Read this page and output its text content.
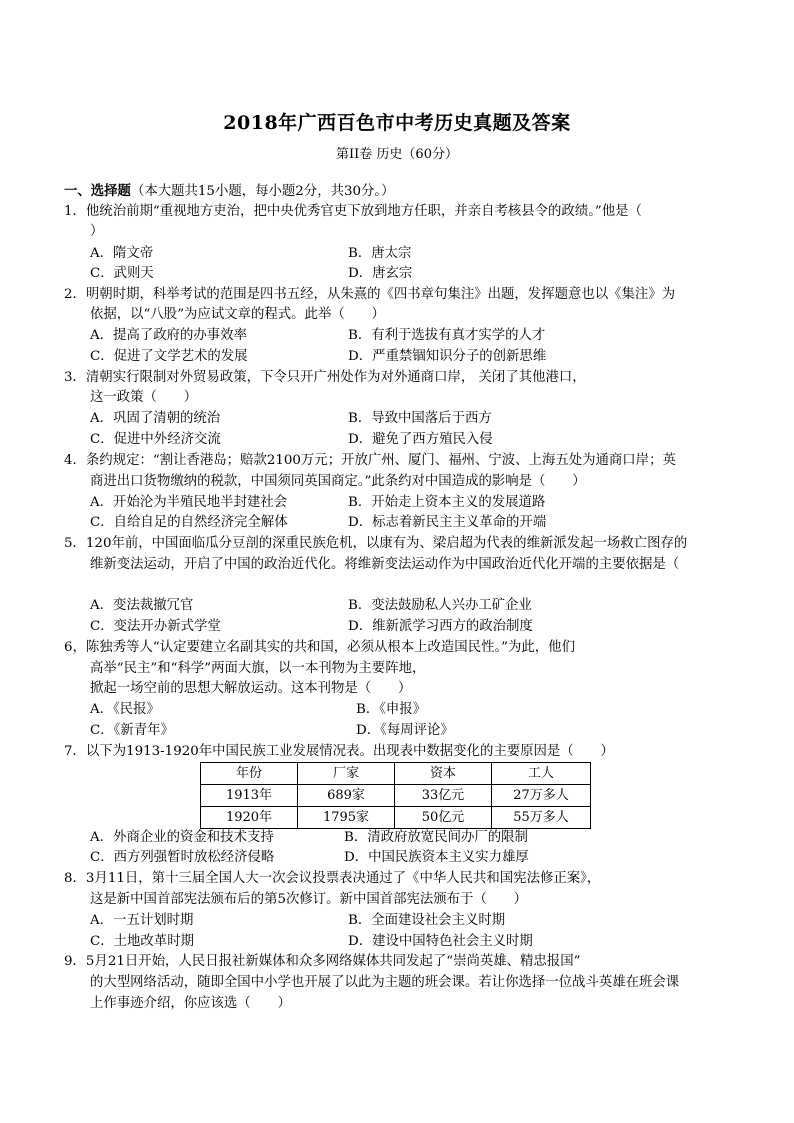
2018年广西百色市中考历史真题及答案
第II卷 历史（60分）
一、选择题（本大题共15小题，每小题2分，共30分。）
1．他统治前期“重视地方吏治，把中央优秀官吏下放到地方任职，并亲自考核县令的政绩。”他是（
）
A．隋文帝	B．唐太宗
C．武则天	D．唐玄宗
2．明朝时期，科举考试的范围是四书五经，从朱熹的《四书章句集注》出题，发挥题意也以《集注》为
依据，以“八股”为应试文章的程式。此举（　　）
A．提高了政府的办事效率	B．有利于选拔有真才实学的人才
C．促进了文学艺术的发展	D．严重禁锢知识分子的创新思维
3．清朝实行限制对外贸易政策，下令只开广州处作为对外通商口岸， 关闭了其他港口，
这一政策（　　）
A．巩固了清朝的统治	B．导致中国落后于西方
C．促进中外经济交流	D．避免了西方殖民入侵
4．条约规定：“割让香港岛；赔款2100万元；开放广州、厦门、福州、宁波、上海五处为通商口岸；英
商进出口货物缴纳的税款，中国须同英国商定。”此条约对中国造成的影响是（　　）
A．开始沦为半殖民地半封建社会	B．开始走上资本主义的发展道路
C．自给自足的自然经济完全解体	D．标志着新民主主义革命的开端
5．120年前，中国面临瓜分豆剖的深重民族危机，以康有为、梁启超为代表的维新派发起一场救亡图存的
维新变法运动，开启了中国的政治近代化。将维新变法运动作为中国政治近代化开端的主要依据是（
A．变法裁撤冗官	B．变法鼓励私人兴办工矿企业
C．变法开办新式学堂	D．维新派学习西方的政治制度
6，陈独秀等人“认定要建立名副其实的共和国，必须从根本上改造国民性。”为此，他们
高举“民主”和“科学”两面大旗，以一本刊物为主要阵地，
掀起一场空前的思想大解放运动。这本刊物是（　　）
A．《民报》	B．《申报》
C．《新青年》	D．《每周评论》
7．以下为1913-1920年中国民族工业发展情况表。出现表中数据变化的主要原因是（　　）
年份	厂家	资本	工人
1913年	689家	33亿元	27万多人
1920年	1795家	50亿元	55万多人
A．外商企业的资金和技术支持	B．清政府放宽民间办厂的限制
C．西方列强暂时放松经济侵略	D．中国民族资本主义实力雄厚
8．3月11日，第十三届全国人大一次会议投票表决通过了《中华人民共和国宪法修正案》，
这是新中国首部宪法颁布后的第5次修订。新中国首部宪法颁布于（　　）
A．一五计划时期	B．全面建设社会主义时期
C．土地改革时期	D．建设中国特色社会主义时期
9．5月21日开始，人民日报社新媒体和众多网络媒体共同发起了“崇尚英雄、精忠报国”
的大型网络活动，随即全国中小学也开展了以此为主题的班会课。若让你选择一位战斗英雄在班会课
上作事迹介绍，你应该选（　　）
